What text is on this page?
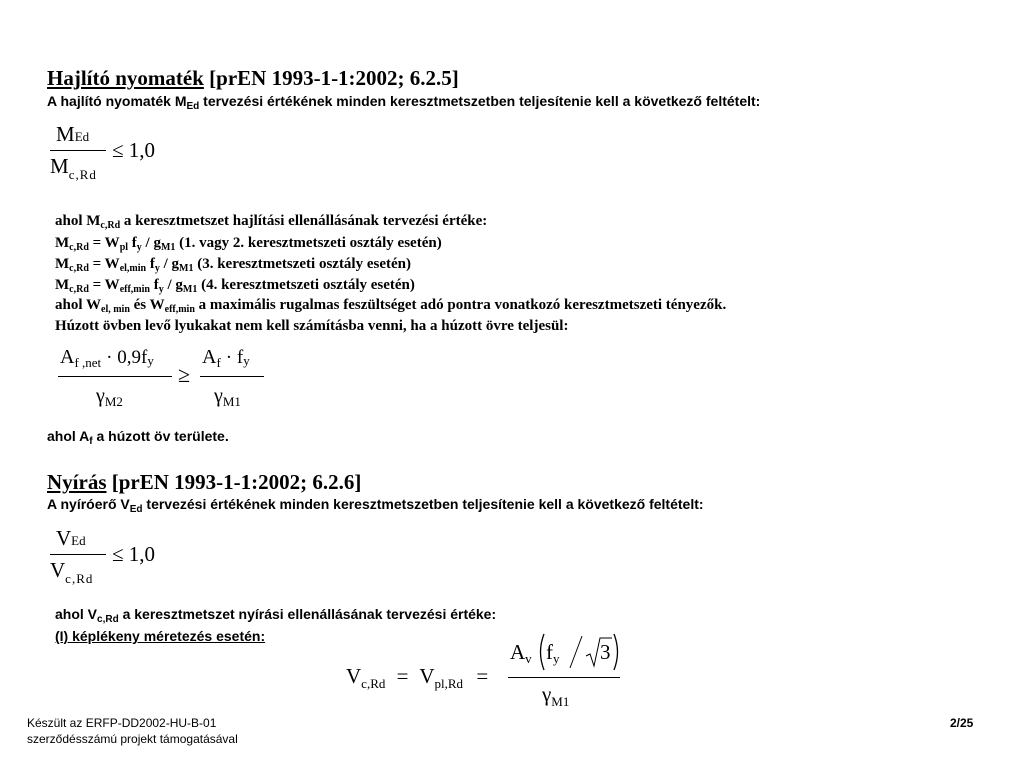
Hajlító nyomaték [prEN 1993-1-1:2002; 6.2.5]
A hajlító nyomaték $M_{Ed}$ tervezési értékének minden keresztmetszetben teljesítenie kell a következő feltételt:
MEd
$M_{c,Rd}$
≤ 1,0
ahol $M_{c,Rd}$ a keresztmetszet hajlítási ellenállásának tervezési értéke:
$M_{c,Rd} = W_{pl}$ $f_y / g_{M1}$ (1. vagy 2. keresztmetszeti osztály esetén)
$M_{c,Rd} = W_{el,min}$ $f_y / g_{M1}$ (3. keresztmetszeti osztály esetén)
$M_{c,Rd} = W_{eff,min}$ $f_y / g_{M1}$ (4. keresztmetszeti osztály esetén)
ahol $W_{el, min}$ és $W_{eff,min}$ a maximális rugalmas feszültséget adó pontra vonatkozó keresztmetszeti tényezők.
Húzott övben levő lyukakat nem kell számításba venni, ha a húzott övre teljesül:
$A_{f ,net} \cdot 0,9fy$
$\gamma_{M2}$
≥
$A_f$ · fy
$\gamma_{M1}$
ahol $A_f$ a húzott öv területe.
Nyírás [prEN 1993-1-1:2002; 6.2.6]
A nyíróerő $V_{Ed}$ tervezési értékének minden keresztmetszetben teljesítenie kell a következő feltételt:
VEd
$V_{c,Rd}$
≤ 1,0
ahol $V_{c,Rd}$ a keresztmetszet nyírási ellenállásának tervezési értéke:
(I) képlékeny méretezés esetén:
$V_{c,Rd} = V_{pl,Rd}$ =
Av fy 3
$\gamma_{M1}$
Készült az ERFP-DD2002-HU-B-01
szerződésszámú projekt támogatásával
2/25
